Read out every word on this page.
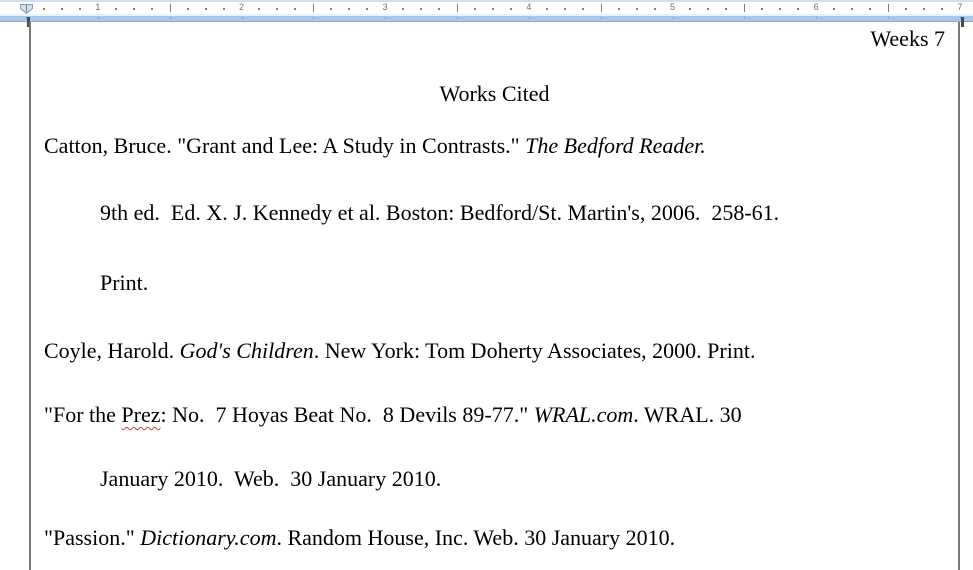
1	2	3	4	5	6	7
Weeks 7
Works Cited
Catton, Bruce. "Grant and Lee: A Study in Contrasts." The Bedford Reader.
9th ed.  Ed. X. J. Kennedy et al. Boston: Bedford/St. Martin's, 2006.  258-61.
Print.
Coyle, Harold. God's Children. New York: Tom Doherty Associates, 2000. Print.
"For the Prez: No.  7 Hoyas Beat No.  8 Devils 89-77." WRAL.com. WRAL. 30
January 2010.  Web.  30 January 2010.
"Passion." Dictionary.com. Random House, Inc. Web. 30 January 2010.
